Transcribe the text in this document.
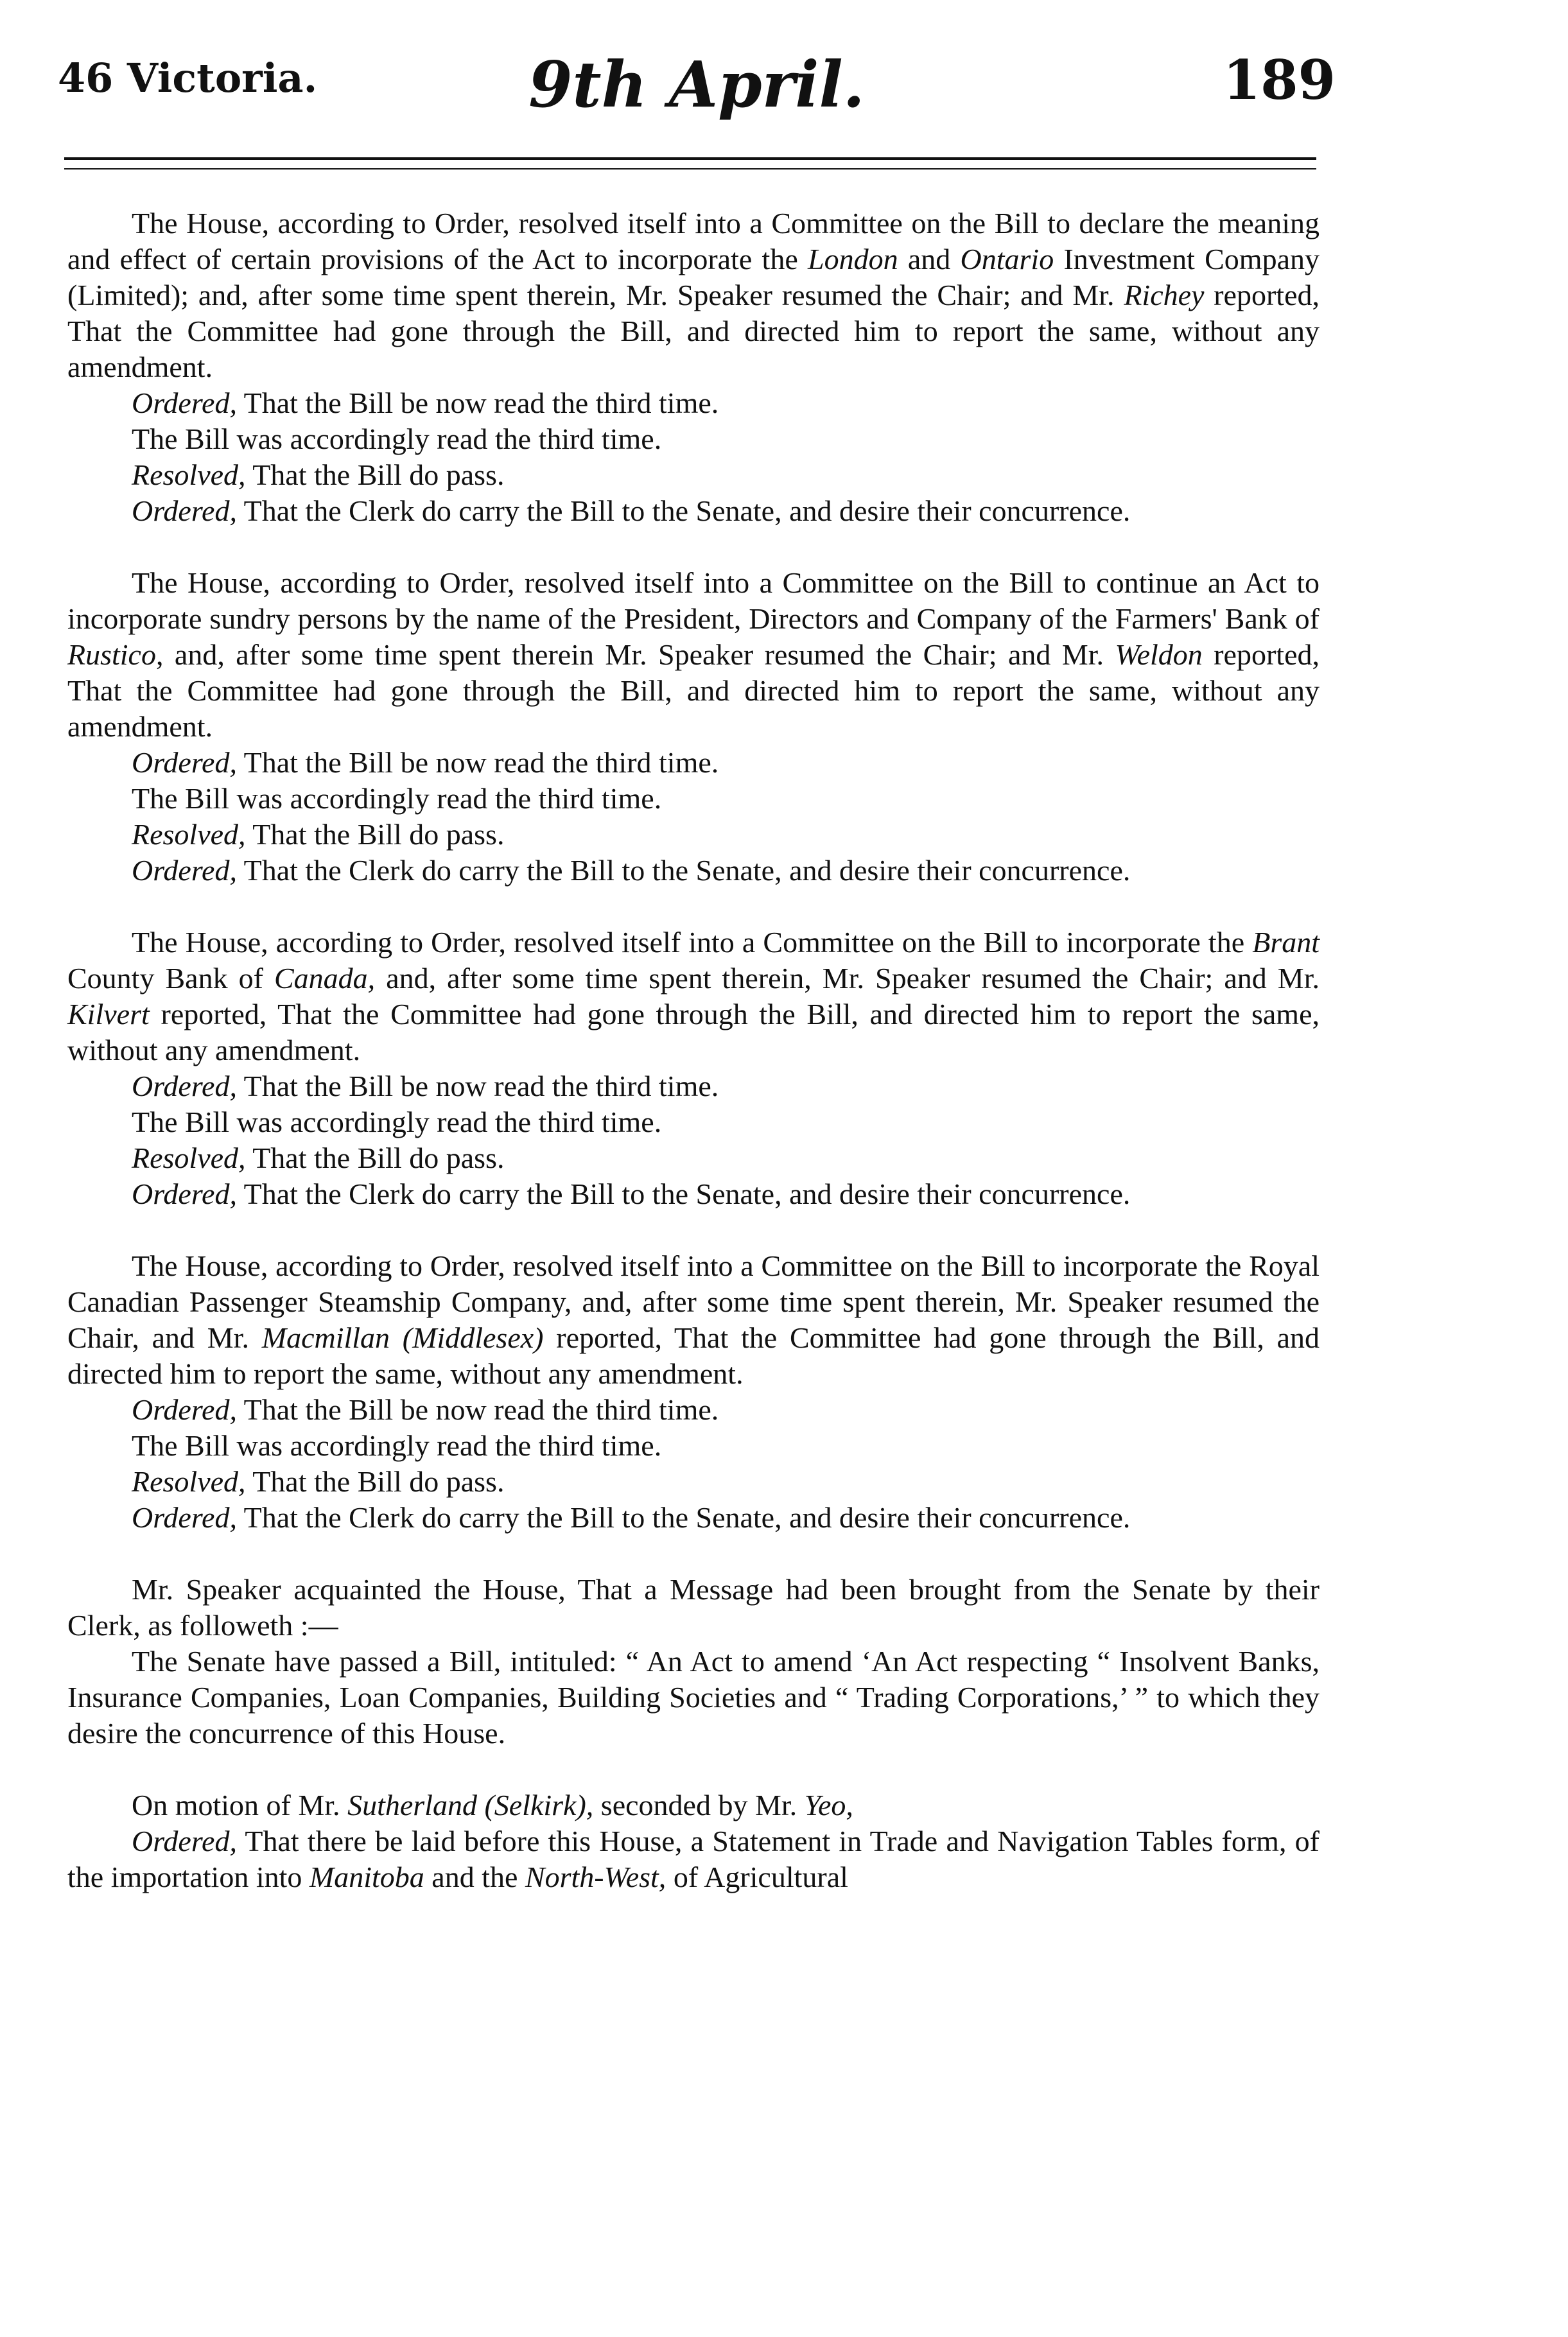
46 Victoria.	9th April.	189

The House, according to Order, resolved itself into a Committee on the Bill to declare the meaning and effect of certain provisions of the Act to incorporate the London and Ontario Investment Company (Limited); and, after some time spent therein, Mr. Speaker resumed the Chair; and Mr. Richey reported, That the Committee had gone through the Bill, and directed him to report the same, without any amendment.

Ordered, That the Bill be now read the third time.

The Bill was accordingly read the third time.

Resolved, That the Bill do pass.

Ordered, That the Clerk do carry the Bill to the Senate, and desire their concurrence.

The House, according to Order, resolved itself into a Committee on the Bill to continue an Act to incorporate sundry persons by the name of the President, Directors and Company of the Farmers' Bank of Rustico, and, after some time spent therein Mr. Speaker resumed the Chair; and Mr. Weldon reported, That the Committee had gone through the Bill, and directed him to report the same, without any amendment.

Ordered, That the Bill be now read the third time.

The Bill was accordingly read the third time.

Resolved, That the Bill do pass.

Ordered, That the Clerk do carry the Bill to the Senate, and desire their concurrence.

The House, according to Order, resolved itself into a Committee on the Bill to incorporate the Brant County Bank of Canada, and, after some time spent therein, Mr. Speaker resumed the Chair; and Mr. Kilvert reported, That the Committee had gone through the Bill, and directed him to report the same, without any amendment.

Ordered, That the Bill be now read the third time.

The Bill was accordingly read the third time.

Resolved, That the Bill do pass.

Ordered, That the Clerk do carry the Bill to the Senate, and desire their concurrence.

The House, according to Order, resolved itself into a Committee on the Bill to incorporate the Royal Canadian Passenger Steamship Company, and, after some time spent therein, Mr. Speaker resumed the Chair, and Mr. Macmillan (Middlesex) reported, That the Committee had gone through the Bill, and directed him to report the same, without any amendment.

Ordered, That the Bill be now read the third time.

The Bill was accordingly read the third time.

Resolved, That the Bill do pass.

Ordered, That the Clerk do carry the Bill to the Senate, and desire their concurrence.

Mr. Speaker acquainted the House, That a Message had been brought from the Senate by their Clerk, as followeth :—

The Senate have passed a Bill, intituled: “ An Act to amend ‘An Act respecting “ Insolvent Banks, Insurance Companies, Loan Companies, Building Societies and “ Trading Corporations,’ ” to which they desire the concurrence of this House.

On motion of Mr. Sutherland (Selkirk), seconded by Mr. Yeo,

Ordered, That there be laid before this House, a Statement in Trade and Navigation Tables form, of the importation into Manitoba and the North-West, of Agricultural
